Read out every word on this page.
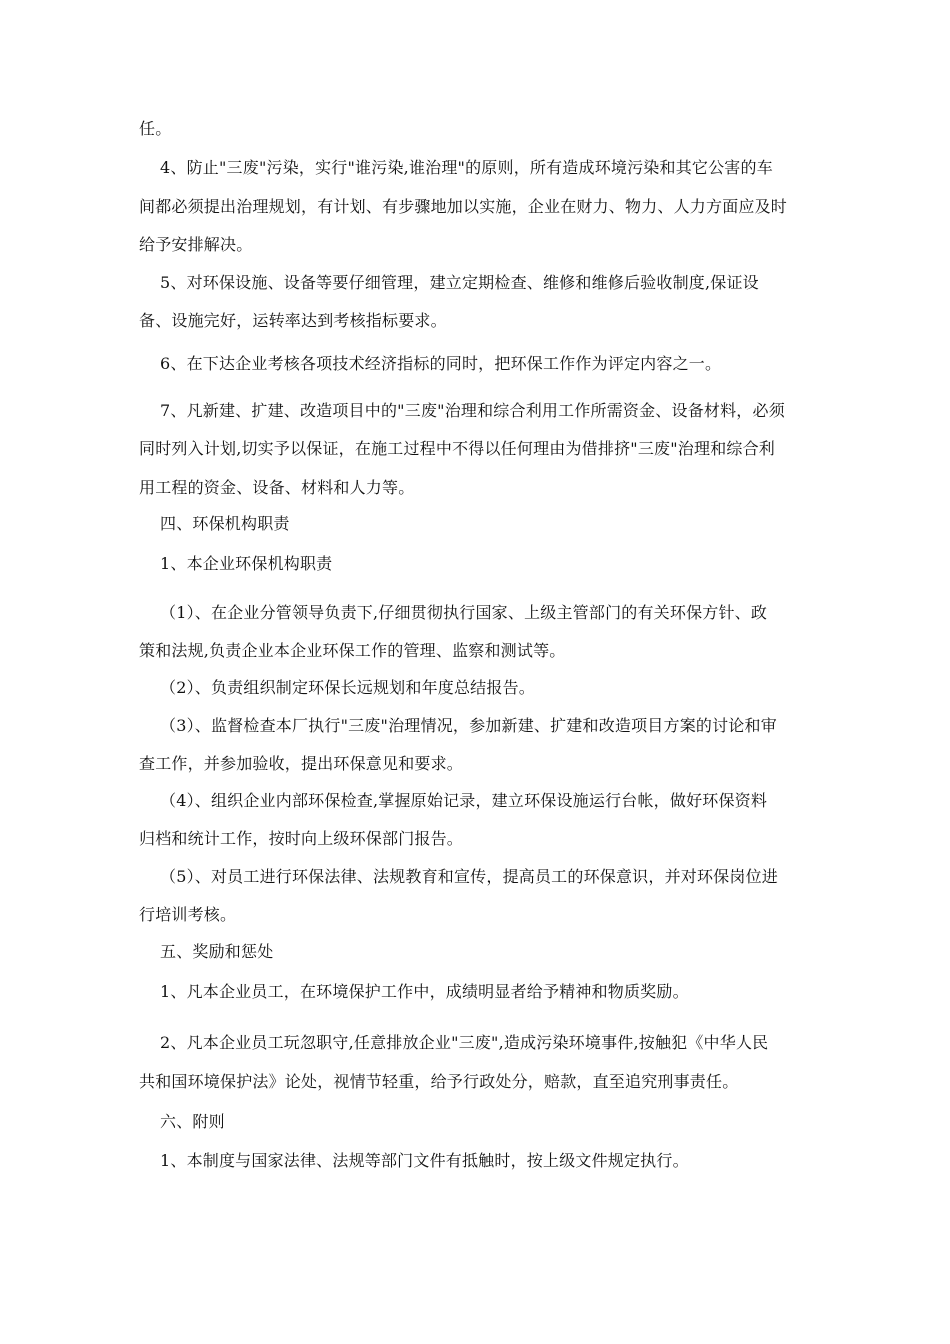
任。
4、防止"三废"污染，实行"谁污染,谁治理"的原则，所有造成环境污染和其它公害的车
间都必须提出治理规划，有计划、有步骤地加以实施，企业在财力、物力、人力方面应及时
给予安排解决。
5、对环保设施、设备等要仔细管理，建立定期检查、维修和维修后验收制度,保证设
备、设施完好，运转率达到考核指标要求。
6、在下达企业考核各项技术经济指标的同时，把环保工作作为评定内容之一。
7、凡新建、扩建、改造项目中的"三废"治理和综合利用工作所需资金、设备材料，必须
同时列入计划,切实予以保证，在施工过程中不得以任何理由为借排挤"三废"治理和综合利
用工程的资金、设备、材料和人力等。
四、环保机构职责
1、本企业环保机构职责
（1）、在企业分管领导负责下,仔细贯彻执行国家、上级主管部门的有关环保方针、政
策和法规,负责企业本企业环保工作的管理、监察和测试等。
（2）、负责组织制定环保长远规划和年度总结报告。
（3）、监督检查本厂执行"三废"治理情况，参加新建、扩建和改造项目方案的讨论和审
查工作，并参加验收，提出环保意见和要求。
（4）、组织企业内部环保检查,掌握原始记录，建立环保设施运行台帐，做好环保资料
归档和统计工作，按时向上级环保部门报告。
（5）、对员工进行环保法律、法规教育和宣传，提高员工的环保意识，并对环保岗位进
行培训考核。
五、奖励和惩处
1、凡本企业员工，在环境保护工作中，成绩明显者给予精神和物质奖励。
2、凡本企业员工玩忽职守,任意排放企业"三废",造成污染环境事件,按触犯《中华人民
共和国环境保护法》论处，视情节轻重，给予行政处分，赔款，直至追究刑事责任。
六、附则
1、本制度与国家法律、法规等部门文件有抵触时，按上级文件规定执行。
